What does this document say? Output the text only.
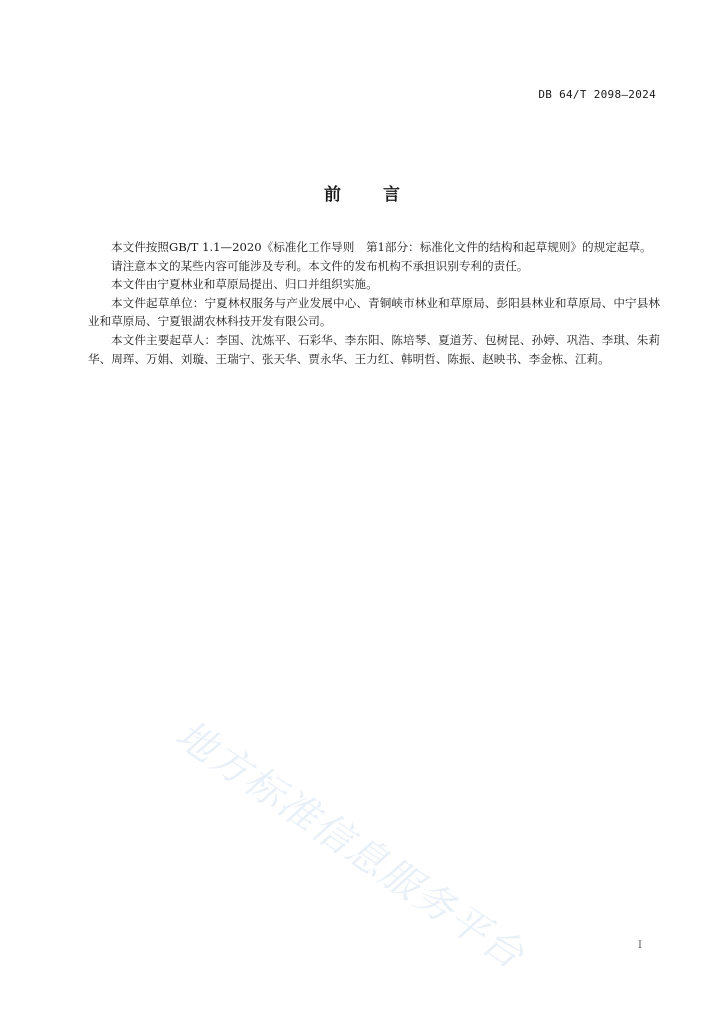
DB 64/T 2098—2024
前 言

本文件按照GB/T 1.1—2020《标准化工作导则　第1部分：标准化文件的结构和起草规则》的规定起草。

请注意本文的某些内容可能涉及专利。本文件的发布机构不承担识别专利的责任。

本文件由宁夏林业和草原局提出、归口并组织实施。

本文件起草单位：宁夏林权服务与产业发展中心、青铜峡市林业和草原局、彭阳县林业和草原局、中宁县林业和草原局、宁夏银湖农林科技开发有限公司。

本文件主要起草人：李国、沈炼平、石彩华、李东阳、陈培琴、夏道芳、包树昆、孙婷、巩浩、李琪、朱莉华、周珲、万娟、刘璇、王瑞宁、张天华、贾永华、王力红、韩明哲、陈振、赵映书、李金栋、江莉。

地方标准信息服务平台	I
